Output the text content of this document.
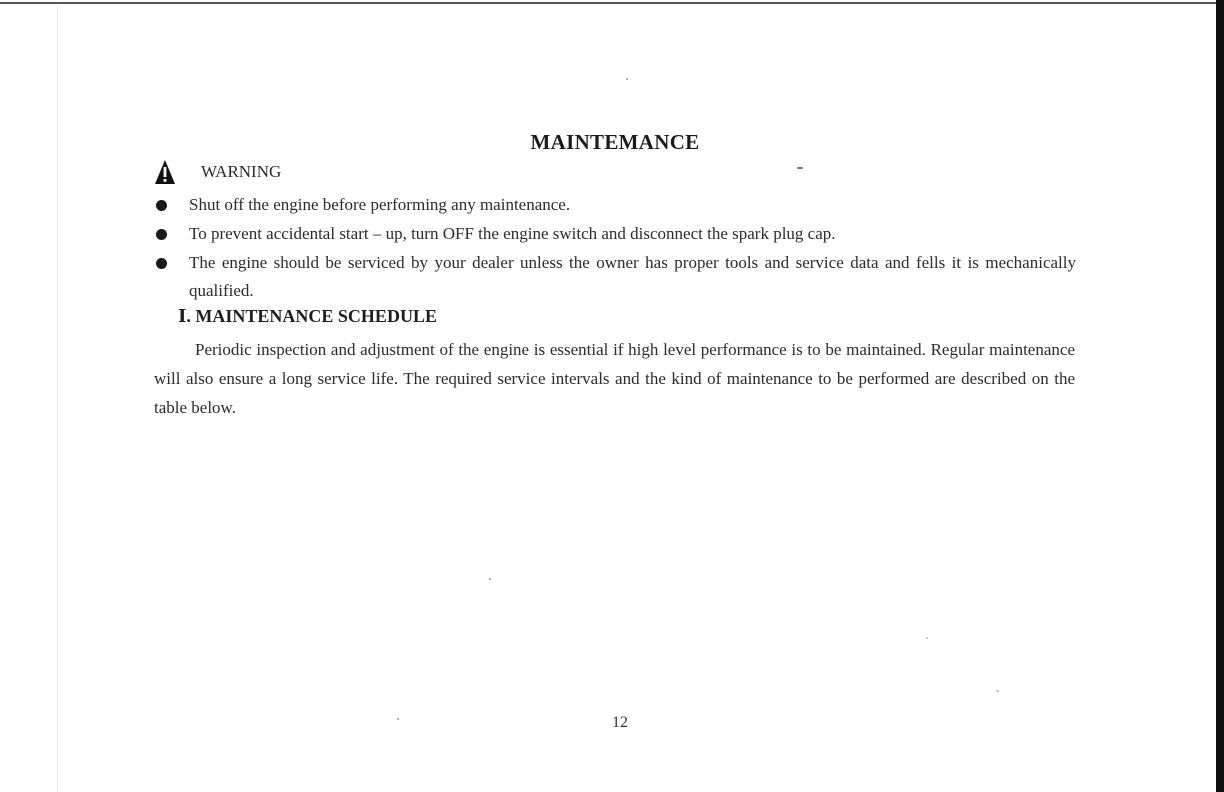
MAINTEMANCE
WARNING
Shut off the engine before performing any maintenance.
To prevent accidental start – up, turn OFF the engine switch and disconnect the spark plug cap.
The engine should be serviced by your dealer unless the owner has proper tools and service data and fells it is mechanically qualified.
Ⅰ. MAINTENANCE SCHEDULE

Periodic inspection and adjustment of the engine is essential if high level performance is to be maintained. Regular maintenance will also ensure a long service life. The required service intervals and the kind of maintenance to be performed are described on the table below.

12
